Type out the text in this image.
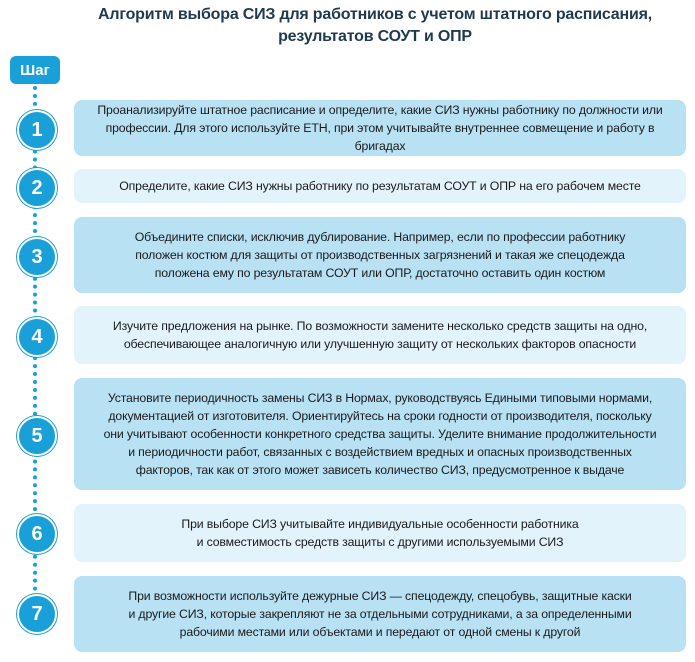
Алгоритм выбора СИЗ для работников с учетом штатного расписания,
результатов СОУТ и ОПР
Шаг
1
Проанализируйте штатное расписание и определите, какие СИЗ нужны работнику по должности или
профессии. Для этого используйте ЕТН, при этом учитывайте внутреннее совмещение и работу в бригадах
2	Определите, какие СИЗ нужны работнику по результатам СОУТ и ОПР на его рабочем месте
3
Объедините списки, исключив дублирование. Например, если по профессии работнику
положен костюм для защиты от производственных загрязнений и такая же спецодежда
положена ему по результатам СОУТ или ОПР, достаточно оставить один костюм
4	Изучите предложения на рынке. По возможности замените несколько средств защиты на одно,
обеспечивающее аналогичную или улучшенную защиту от нескольких факторов опасности
5
Установите периодичность замены СИЗ в Нормах, руководствуясь Едиными типовыми нормами,
документацией от изготовителя. Ориентируйтесь на сроки годности от производителя, поскольку
они учитывают особенности конкретного средства защиты. Уделите внимание продолжительности
и периодичности работ, связанных с воздействием вредных и опасных производственных
факторов, так как от этого может зависеть количество СИЗ, предусмотренное к выдаче
6	При выборе СИЗ учитывайте индивидуальные особенности работника
и совместимость средств защиты с другими используемыми СИЗ
7
При возможности используйте дежурные СИЗ — спецодежду, спецобувь, защитные каски
и другие СИЗ, которые закрепляют не за отдельными сотрудниками, а за определенными
рабочими местами или объектами и передают от одной смены к другой
